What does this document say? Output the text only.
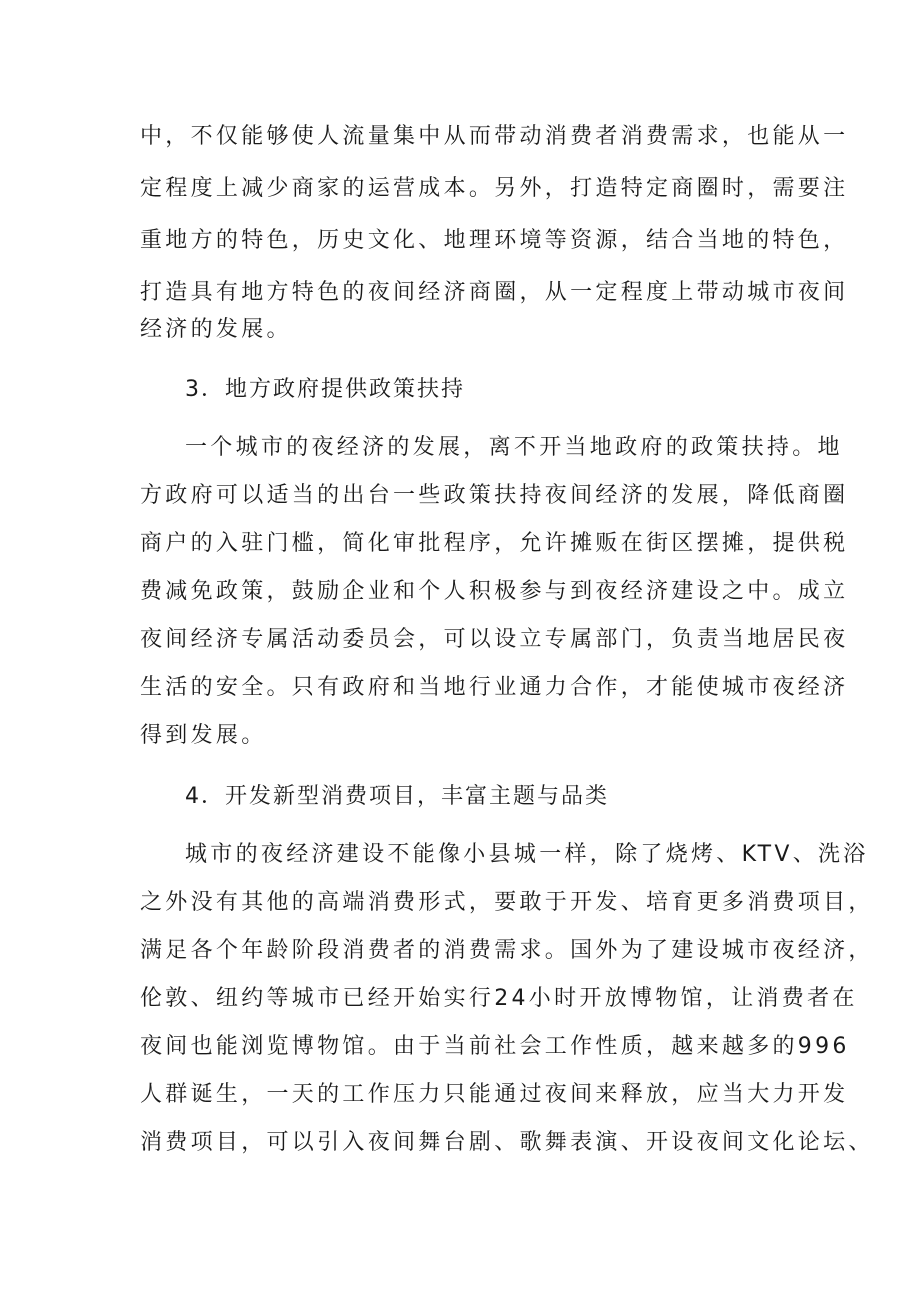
中，不仅能够使人流量集中从而带动消费者消费需求，也能从一
定程度上减少商家的运营成本。另外，打造特定商圈时，需要注
重地方的特色，历史文化、地理环境等资源，结合当地的特色，
打造具有地方特色的夜间经济商圈，从一定程度上带动城市夜间
经济的发展。
3．地方政府提供政策扶持
一个城市的夜经济的发展，离不开当地政府的政策扶持。地
方政府可以适当的出台一些政策扶持夜间经济的发展，降低商圈
商户的入驻门槛，简化审批程序，允许摊贩在街区摆摊，提供税
费减免政策，鼓励企业和个人积极参与到夜经济建设之中。成立
夜间经济专属活动委员会，可以设立专属部门，负责当地居民夜
生活的安全。只有政府和当地行业通力合作，才能使城市夜经济
得到发展。
4．开发新型消费项目，丰富主题与品类
城市的夜经济建设不能像小县城一样，除了烧烤、KTV、洗浴
之外没有其他的高端消费形式，要敢于开发、培育更多消费项目，
满足各个年龄阶段消费者的消费需求。国外为了建设城市夜经济，
伦敦、纽约等城市已经开始实行24小时开放博物馆，让消费者在
夜间也能浏览博物馆。由于当前社会工作性质，越来越多的996
人群诞生，一天的工作压力只能通过夜间来释放，应当大力开发
消费项目，可以引入夜间舞台剧、歌舞表演、开设夜间文化论坛、
